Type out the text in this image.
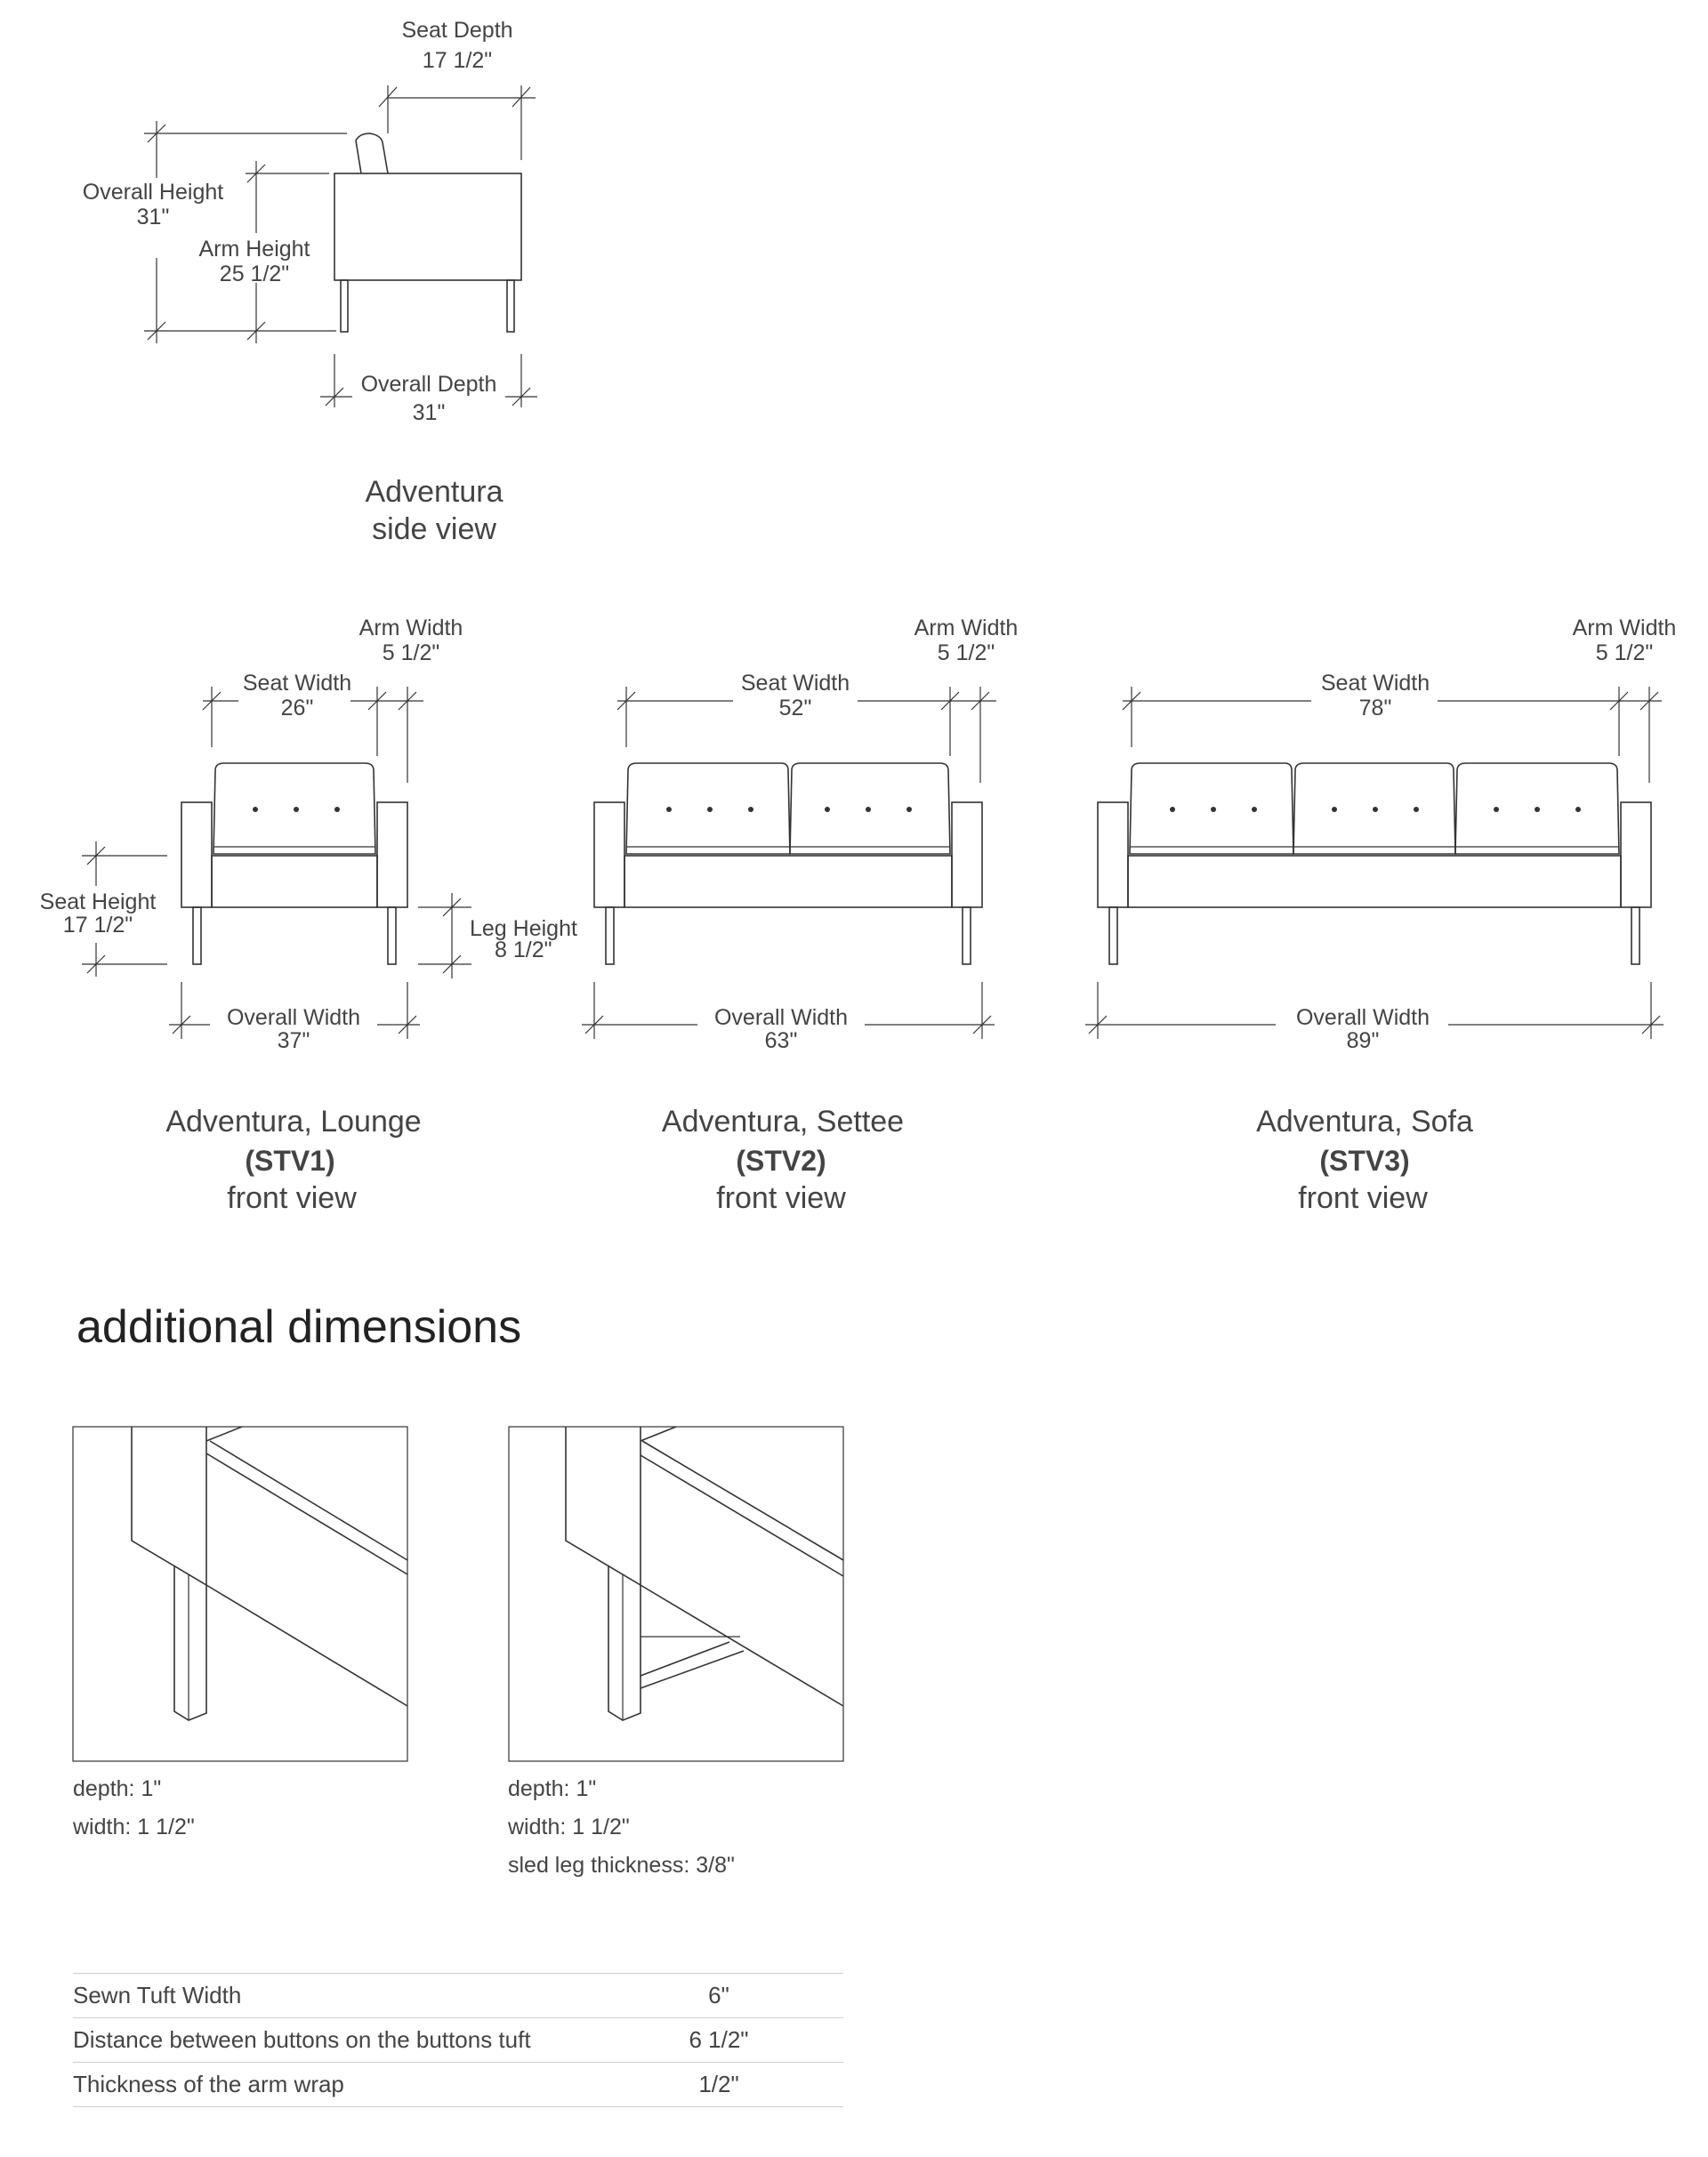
Seat Depth
17 1/2"
Overall Height
31"
Arm Height
25 1/2"
Overall Depth
31"
Adventura
side view
Seat Width
26"
Arm Width
5 1/2"
Seat Height
17 1/2"	Leg Height
8 1/2"
Overall Width
37"
Adventura, Lounge
(STV1)
front view
Seat Width
52"
Arm Width
5 1/2"
Overall Width
63"
Adventura, Settee
(STV2)
front view
Seat Width
78"
Arm Width
5 1/2"
Overall Width
89"
Adventura, Sofa
(STV3)
front view
additional dimensions
depth: 1"
width: 1 1/2"
depth: 1"
width: 1 1/2"
sled leg thickness: 3/8"
Sewn Tuft Width	6"
Distance between buttons on the buttons tuft	6 1/2"
Thickness of the arm wrap	1/2"
